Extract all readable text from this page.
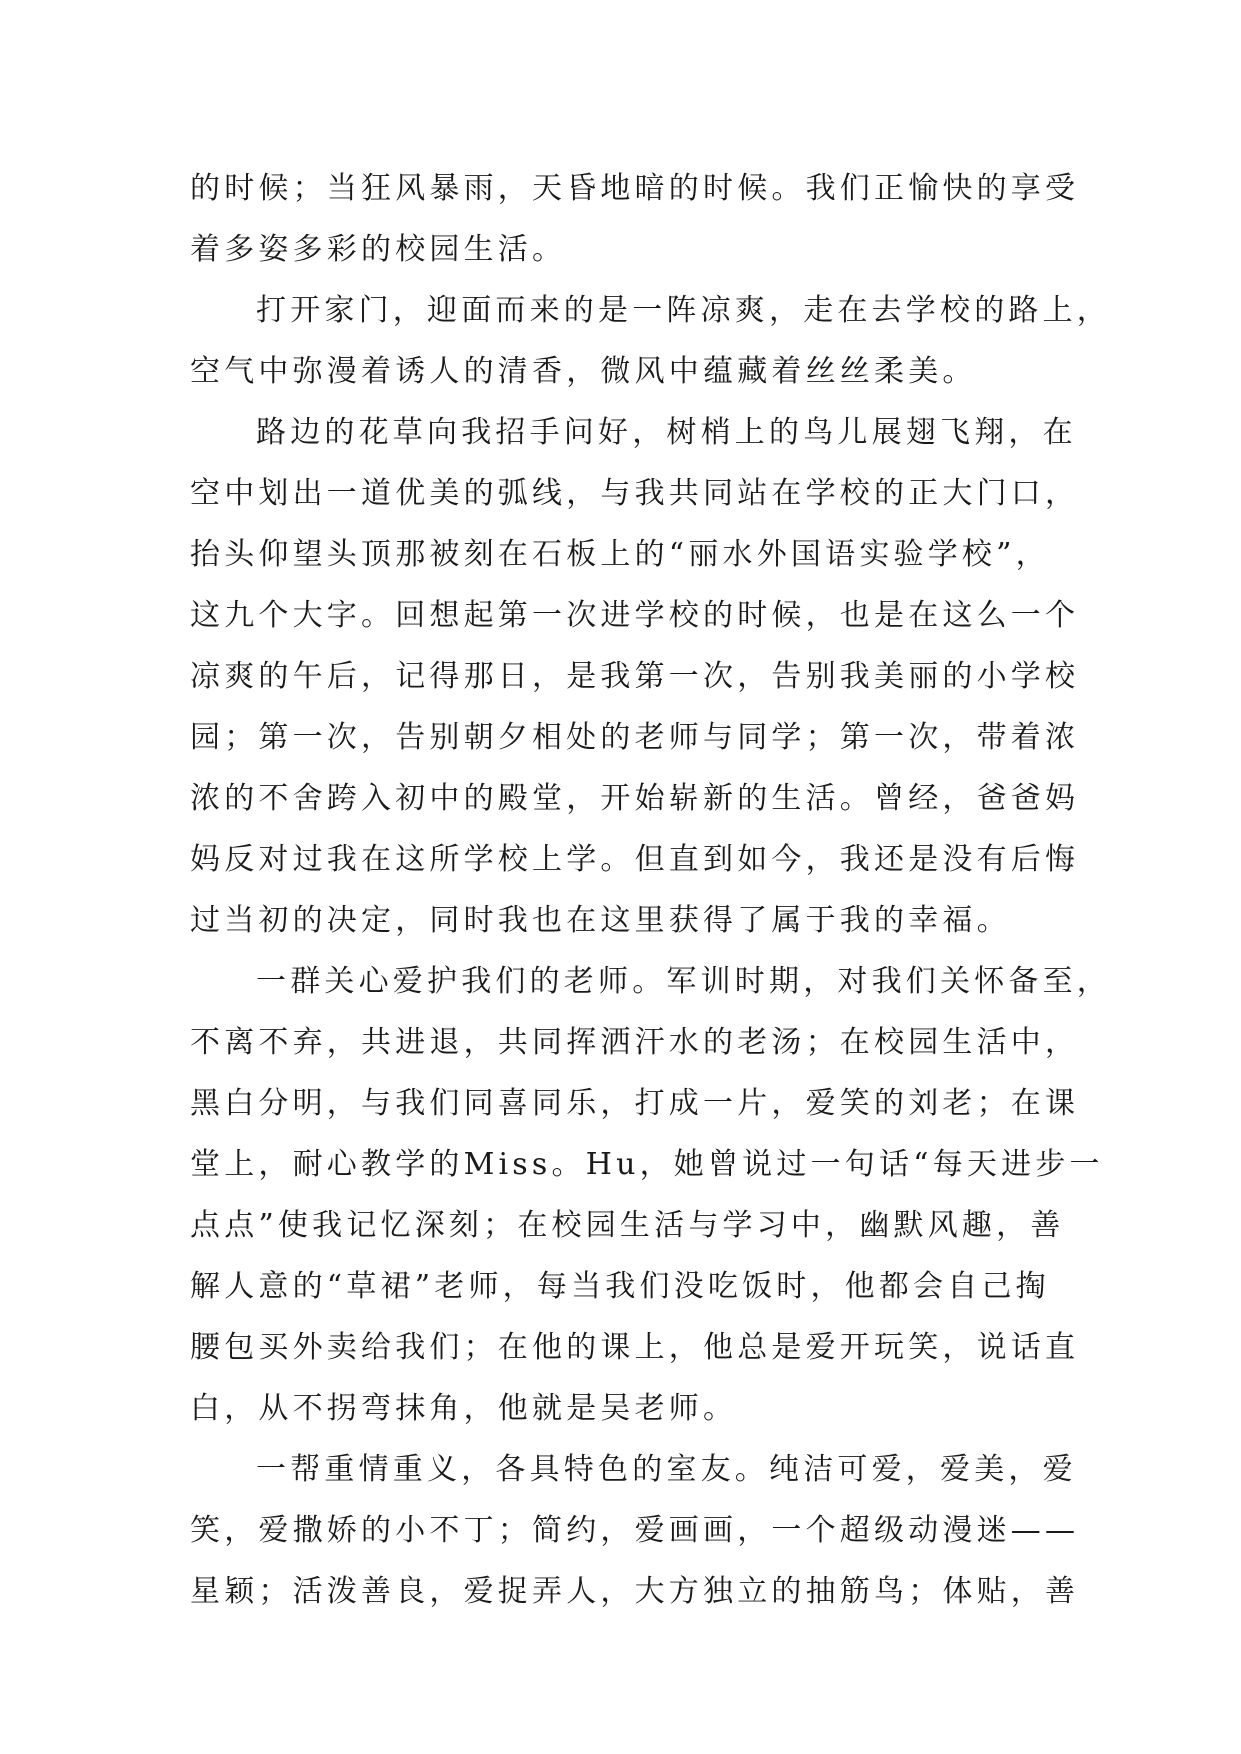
的时候；当狂风暴雨，天昏地暗的时候。我们正愉快的享受
着多姿多彩的校园生活。
打开家门，迎面而来的是一阵凉爽，走在去学校的路上，
空气中弥漫着诱人的清香，微风中蕴藏着丝丝柔美。
路边的花草向我招手问好，树梢上的鸟儿展翅飞翔，在
空中划出一道优美的弧线，与我共同站在学校的正大门口，
抬头仰望头顶那被刻在石板上的“丽水外国语实验学校”，
这九个大字。回想起第一次进学校的时候，也是在这么一个
凉爽的午后，记得那日，是我第一次，告别我美丽的小学校
园；第一次，告别朝夕相处的老师与同学；第一次，带着浓
浓的不舍跨入初中的殿堂，开始崭新的生活。曾经，爸爸妈
妈反对过我在这所学校上学。但直到如今，我还是没有后悔
过当初的决定，同时我也在这里获得了属于我的幸福。
一群关心爱护我们的老师。军训时期，对我们关怀备至，
不离不弃，共进退，共同挥洒汗水的老汤；在校园生活中，
黑白分明，与我们同喜同乐，打成一片，爱笑的刘老；在课
堂上，耐心教学的Miss。Hu，她曾说过一句话“每天进步一
点点”使我记忆深刻；在校园生活与学习中，幽默风趣，善
解人意的“草裙”老师，每当我们没吃饭时，他都会自己掏
腰包买外卖给我们；在他的课上，他总是爱开玩笑，说话直
白，从不拐弯抹角，他就是吴老师。
一帮重情重义，各具特色的室友。纯洁可爱，爱美，爱
笑，爱撒娇的小不丁；简约，爱画画，一个超级动漫迷——
星颖；活泼善良，爱捉弄人，大方独立的抽筋鸟；体贴，善
